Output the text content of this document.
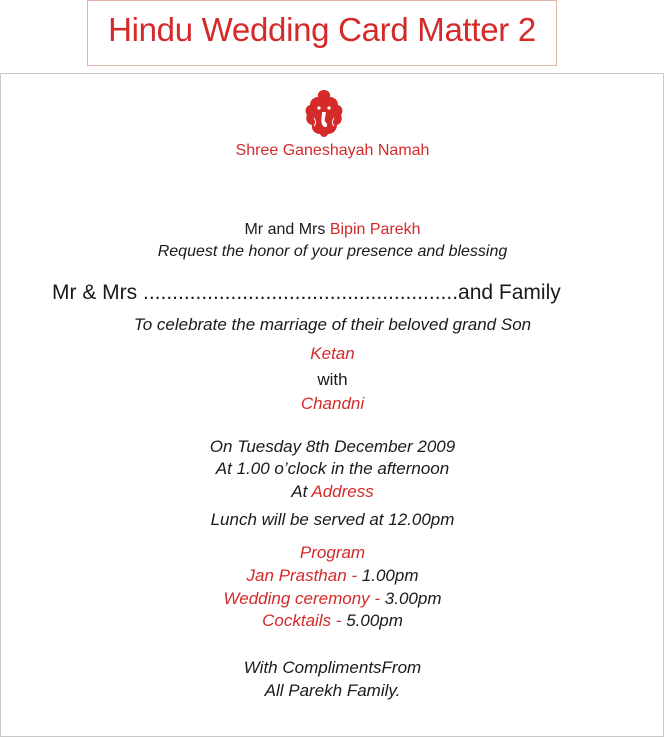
Hindu Wedding Card Matter 2
Shree Ganeshayah Namah
Mr and Mrs Bipin Parekh
Request the honor of your presence and blessing
Mr & Mrs ......................................................and Family
To celebrate the marriage of their beloved grand Son
Ketan
with
Chandni
On Tuesday 8th December 2009
At 1.00 o’clock in the afternoon
At Address
Lunch will be served at 12.00pm
Program
Jan Prasthan - 1.00pm
Wedding ceremony - 3.00pm
Cocktails - 5.00pm
With ComplimentsFrom
All Parekh Family.
